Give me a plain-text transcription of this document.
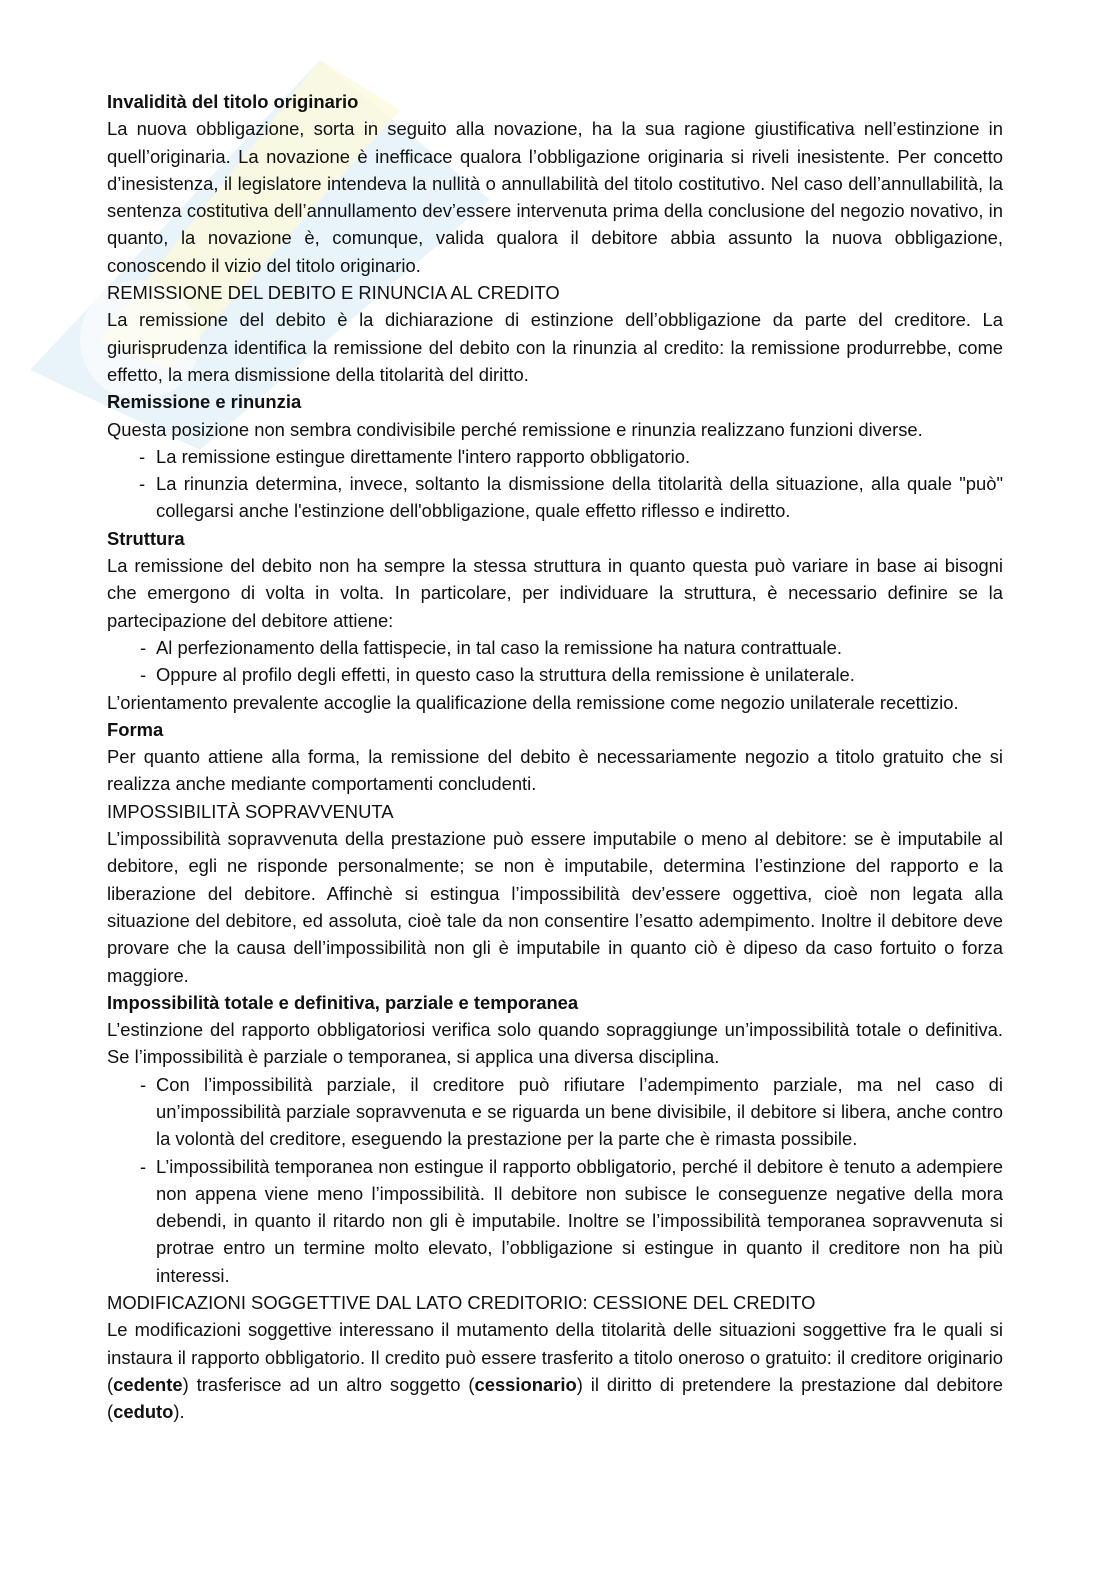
Invalidità del titolo originario

La nuova obbligazione, sorta in seguito alla novazione, ha la sua ragione giustificativa nell’estinzione in quell’originaria. La novazione è inefficace qualora l’obbligazione originaria si riveli inesistente. Per concetto d’inesistenza, il legislatore intendeva la nullità o annullabilità del titolo costitutivo. Nel caso dell’annullabilità, la sentenza costitutiva dell’annullamento dev’essere intervenuta prima della conclusione del negozio novativo, in quanto, la novazione è, comunque, valida qualora il debitore abbia assunto la nuova obbligazione, conoscendo il vizio del titolo originario.

REMISSIONE DEL DEBITO E RINUNCIA AL CREDITO

La remissione del debito è la dichiarazione di estinzione dell’obbligazione da parte del creditore. La giurisprudenza identifica la remissione del debito con la rinunzia al credito: la remissione produrrebbe, come effetto, la mera dismissione della titolarità del diritto.

Remissione e rinunzia

Questa posizione non sembra condivisibile perché remissione e rinunzia realizzano funzioni diverse.

- La remissione estingue direttamente l'intero rapporto obbligatorio.
- La rinunzia determina, invece, soltanto la dismissione della titolarità della situazione, alla quale "può" collegarsi anche l'estinzione dell'obbligazione, quale effetto riflesso e indiretto.
Struttura

La remissione del debito non ha sempre la stessa struttura in quanto questa può variare in base ai bisogni che emergono di volta in volta. In particolare, per individuare la struttura, è necessario definire se la partecipazione del debitore attiene:

- Al perfezionamento della fattispecie, in tal caso la remissione ha natura contrattuale.
- Oppure al profilo degli effetti, in questo caso la struttura della remissione è unilaterale.

L’orientamento prevalente accoglie la qualificazione della remissione come negozio unilaterale recettizio.

Forma

Per quanto attiene alla forma, la remissione del debito è necessariamente negozio a titolo gratuito che si realizza anche mediante comportamenti concludenti.

IMPOSSIBILITÀ SOPRAVVENUTA

L’impossibilità sopravvenuta della prestazione può essere imputabile o meno al debitore: se è imputabile al debitore, egli ne risponde personalmente; se non è imputabile, determina l’estinzione del rapporto e la liberazione del debitore. Affinchè si estingua l’impossibilità dev’essere oggettiva, cioè non legata alla situazione del debitore, ed assoluta, cioè tale da non consentire l’esatto adempimento. Inoltre il debitore deve provare che la causa dell’impossibilità non gli è imputabile in quanto ciò è dipeso da caso fortuito o forza maggiore.

Impossibilità totale e definitiva, parziale e temporanea

L’estinzione del rapporto obbligatoriosi verifica solo quando sopraggiunge un’impossibilità totale o definitiva. Se l’impossibilità è parziale o temporanea, si applica una diversa disciplina.

- Con l’impossibilità parziale, il creditore può rifiutare l’adempimento parziale, ma nel caso di un’impossibilità parziale sopravvenuta e se riguarda un bene divisibile, il debitore si libera, anche contro la volontà del creditore, eseguendo la prestazione per la parte che è rimasta possibile.
- L’impossibilità temporanea non estingue il rapporto obbligatorio, perché il debitore è tenuto a adempiere non appena viene meno l’impossibilità. Il debitore non subisce le conseguenze negative della mora debendi, in quanto il ritardo non gli è imputabile. Inoltre se l’impossibilità temporanea sopravvenuta si protrae entro un termine molto elevato, l’obbligazione si estingue in quanto il creditore non ha più interessi.
MODIFICAZIONI SOGGETTIVE DAL LATO CREDITORIO: CESSIONE DEL CREDITO

Le modificazioni soggettive interessano il mutamento della titolarità delle situazioni soggettive fra le quali si instaura il rapporto obbligatorio. Il credito può essere trasferito a titolo oneroso o gratuito: il creditore originario (cedente) trasferisce ad un altro soggetto (cessionario) il diritto di pretendere la prestazione dal debitore (ceduto).
